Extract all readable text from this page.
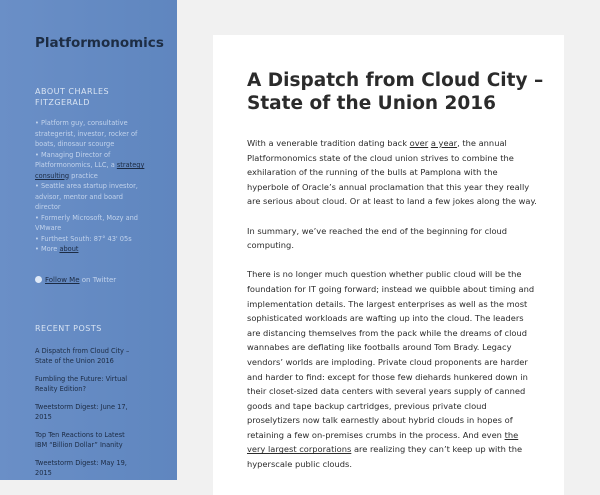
Platformonomics
ABOUT CHARLES FITZGERALD
• Platform guy, consultative strategerist, investor, rocker of boats, dinosaur scourge
• Managing Director of Platformonomics, LLC, a strategy consulting practice
• Seattle area startup investor, advisor, mentor and board director
• Formerly Microsoft, Mozy and VMware
• Furthest South: 87° 43' 05s
• More about
Follow Me on Twitter
RECENT POSTS
A Dispatch from Cloud City – State of the Union 2016
Fumbling the Future: Virtual Reality Edition?
Tweetstorm Digest: June 17, 2015
Top Ten Reactions to Latest IBM “Billion Dollar” Inanity
Tweetstorm Digest: May 19, 2015
A Dispatch from Cloud City – State of the Union 2016

With a venerable tradition dating back over a year, the annual Platformonomics state of the cloud union strives to combine the exhilaration of the running of the bulls at Pamplona with the hyperbole of Oracle’s annual proclamation that this year they really are serious about cloud. Or at least to land a few jokes along the way.

In summary, we’ve reached the end of the beginning for cloud computing.

There is no longer much question whether public cloud will be the foundation for IT going forward; instead we quibble about timing and implementation details. The largest enterprises as well as the most sophisticated workloads are wafting up into the cloud. The leaders are distancing themselves from the pack while the dreams of cloud wannabes are deflating like footballs around Tom Brady. Legacy vendors’ worlds are imploding. Private cloud proponents are harder and harder to find: except for those few diehards hunkered down in their closet-sized data centers with several years supply of canned goods and tape backup cartridges, previous private cloud proselytizers now talk earnestly about hybrid clouds in hopes of retaining a few on-premises crumbs in the process. And even the very largest corporations are realizing they can’t keep up with the hyperscale public clouds.
